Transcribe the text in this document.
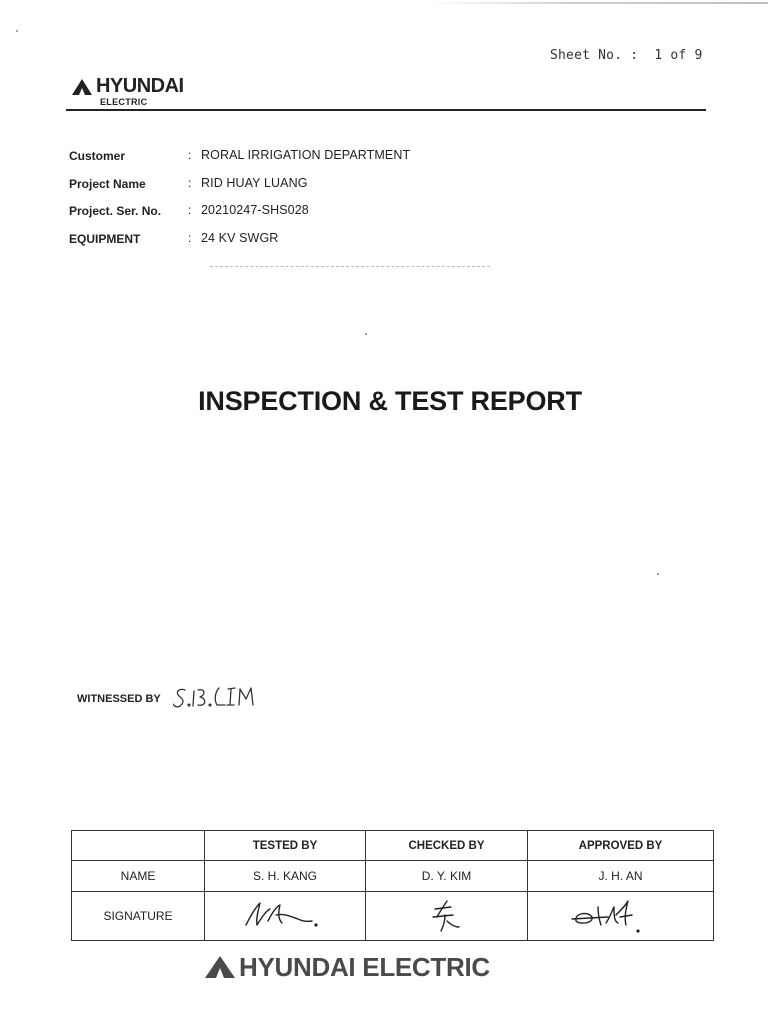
Sheet No. :  1 of 9
HYUNDAI
ELECTRIC
Customer	: RORAL IRRIGATION DEPARTMENT
Project Name	: RID HUAY LUANG
Project. Ser. No. : 20210247-SHS028
EQUIPMENT	: 24 KV SWGR
INSPECTION & TEST REPORT
WITNESSED BY
	TESTED BY	CHECKED BY	APPROVED BY
NAME	S. H. KANG	D. Y. KIM	J. H. AN
SIGNATURE			
HYUNDAI ELECTRIC
